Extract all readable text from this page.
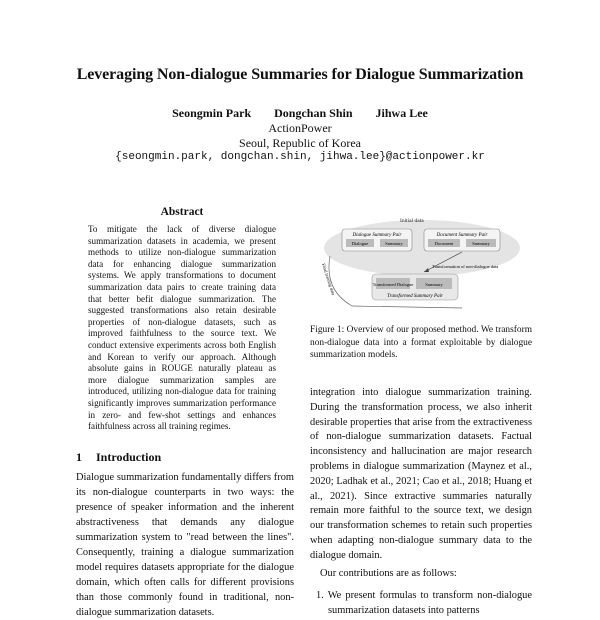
Leveraging Non-dialogue Summaries for Dialogue Summarization
Seongmin Park Dongchan Shin Jihwa Lee
ActionPower
Seoul, Republic of Korea
{seongmin.park, dongchan.shin, jihwa.lee}@actionpower.kr
Abstract
To mitigate the lack of diverse dialogue summarization datasets in academia, we present methods to utilize non-dialogue summarization data for enhancing dialogue summarization systems. We apply transformations to document summarization data pairs to create training data that better befit dialogue summarization. The suggested transformations also retain desirable properties of non-dialogue datasets, such as improved faithfulness to the source text. We conduct extensive experiments across both English and Korean to verify our approach. Although absolute gains in ROUGE naturally plateau as more dialogue summarization samples are introduced, utilizing non-dialogue data for training significantly improves summarization performance in zero- and few-shot settings and enhances faithfulness across all training regimes.
1 Introduction
Dialogue summarization fundamentally differs from its non-dialogue counterparts in two ways: the presence of speaker information and the inherent abstractiveness that demands any dialogue summarization system to "read between the lines". Consequently, training a dialogue summarization model requires datasets appropriate for the dialogue domain, which often calls for different provisions than those commonly found in traditional, non-dialogue summarization datasets.
Initial data
Dialogue Summary Pair
Dialogue	Summary
Document Summary Pair
Document	Summary
Final training data	Transformation of non-dialogue data
Transformed Dialogue	Summary
Transformed Summary Pair
Figure 1: Overview of our proposed method. We transform non-dialogue data into a format exploitable by dialogue summarization models.

integration into dialogue summarization training. During the transformation process, we also inherit desirable properties that arise from the extractiveness of non-dialogue summarization datasets. Factual inconsistency and hallucination are major research problems in dialogue summarization (Maynez et al., 2020; Ladhak et al., 2021; Cao et al., 2018; Huang et al., 2021). Since extractive summaries naturally remain more faithful to the source text, we design our transformation schemes to retain such properties when adapting non-dialogue summary data to the dialogue domain.

Our contributions are as follows:

1. We present formulas to transform non-dialogue summarization datasets into patterns
